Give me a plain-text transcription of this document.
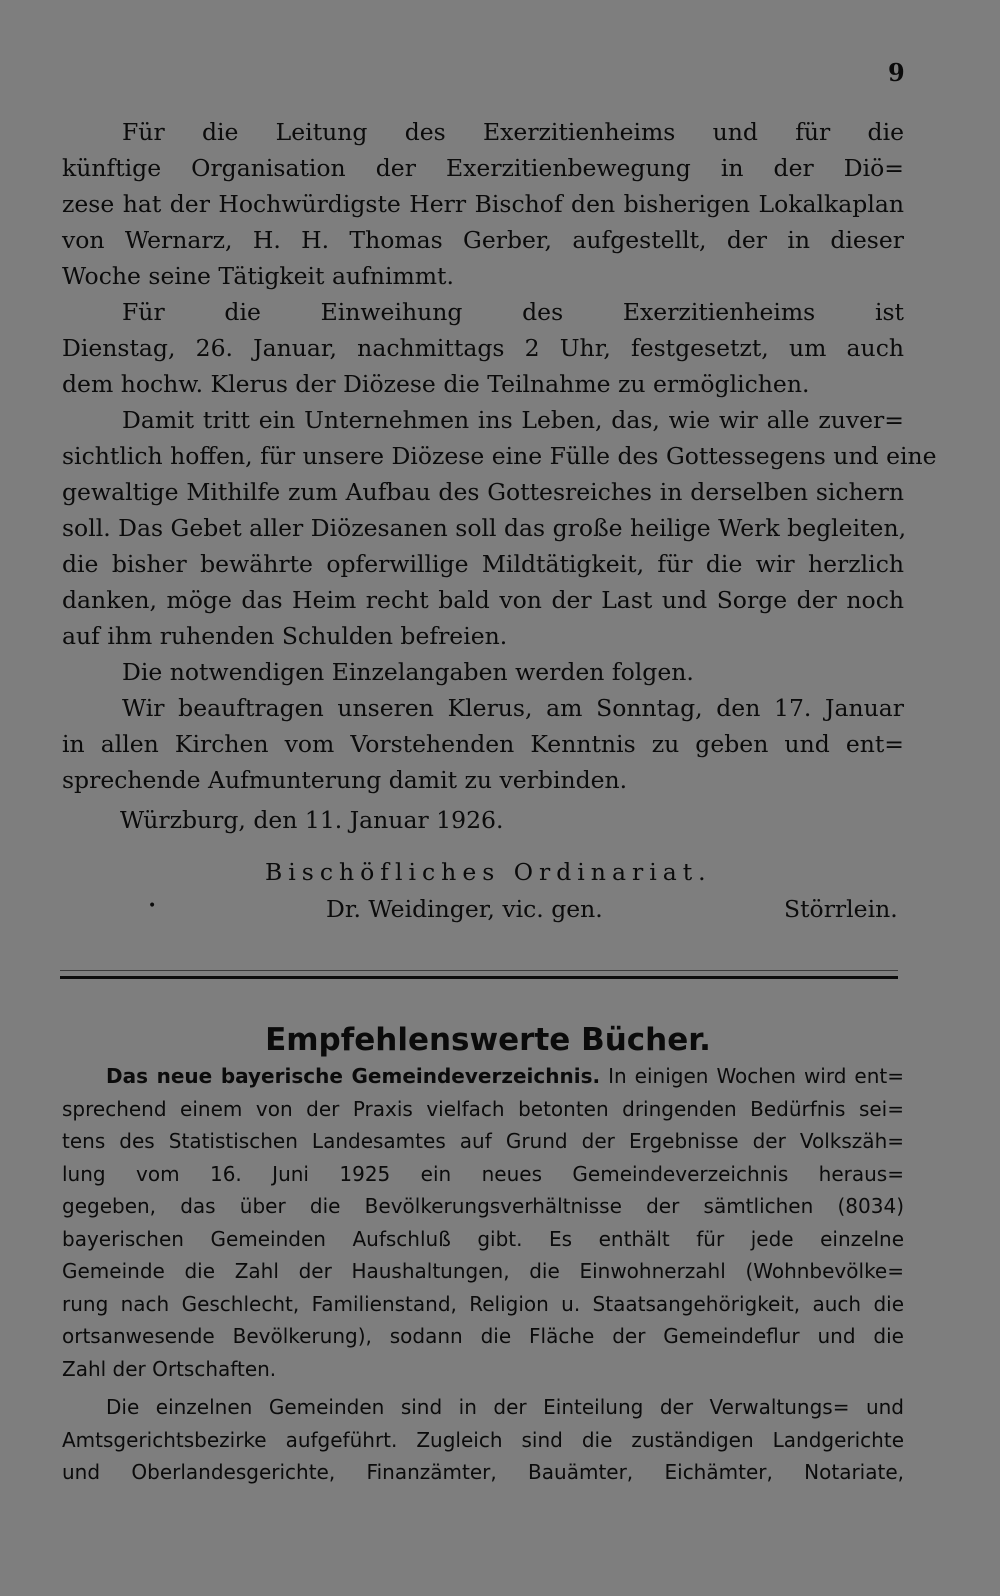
9

Für die Leitung des Exerzitienheims und für die

künftige Organisation der Exerzitienbewegung in der Diö=

zese hat der Hochwürdigste Herr Bischof den bisherigen Lokalkaplan

von Wernarz, H. H. Thomas Gerber, aufgestellt, der in dieser

Woche seine Tätigkeit aufnimmt.

Für die Einweihung des Exerzitienheims ist

Dienstag, 26. Januar, nachmittags 2 Uhr, festgesetzt, um auch

dem hochw. Klerus der Diözese die Teilnahme zu ermöglichen.

Damit tritt ein Unternehmen ins Leben, das, wie wir alle zuver=

sichtlich hoffen, für unsere Diözese eine Fülle des Gottessegens und eine

gewaltige Mithilfe zum Aufbau des Gottesreiches in derselben sichern

soll. Das Gebet aller Diözesanen soll das große heilige Werk begleiten,

die bisher bewährte opferwillige Mildtätigkeit, für die wir herzlich

danken, möge das Heim recht bald von der Last und Sorge der noch

auf ihm ruhenden Schulden befreien.

Die notwendigen Einzelangaben werden folgen.

Wir beauftragen unseren Klerus, am Sonntag, den 17. Januar

in allen Kirchen vom Vorstehenden Kenntnis zu geben und ent=

sprechende Aufmunterung damit zu verbinden.

Würzburg, den 11. Januar 1926.
Bischöfliches Ordinariat.
•	Dr. Weidinger, vic. gen.	Störrlein.
Empfehlenswerte Bücher.

Das neue bayerische Gemeindeverzeichnis. In einigen Wochen wird ent=

sprechend einem von der Praxis vielfach betonten dringenden Bedürfnis sei=

tens des Statistischen Landesamtes auf Grund der Ergebnisse der Volkszäh=

lung vom 16. Juni 1925 ein neues Gemeindeverzeichnis heraus=

gegeben, das über die Bevölkerungsverhältnisse der sämtlichen (8034)

bayerischen Gemeinden Aufschluß gibt. Es enthält für jede einzelne

Gemeinde die Zahl der Haushaltungen, die Einwohnerzahl (Wohnbevölke=

rung nach Geschlecht, Familienstand, Religion u. Staatsangehörigkeit, auch die

ortsanwesende Bevölkerung), sodann die Fläche der Gemeindeflur und die

Zahl der Ortschaften.

Die einzelnen Gemeinden sind in der Einteilung der Verwaltungs= und

Amtsgerichtsbezirke aufgeführt. Zugleich sind die zuständigen Landgerichte

und Oberlandesgerichte, Finanzämter, Bauämter, Eichämter, Notariate,
